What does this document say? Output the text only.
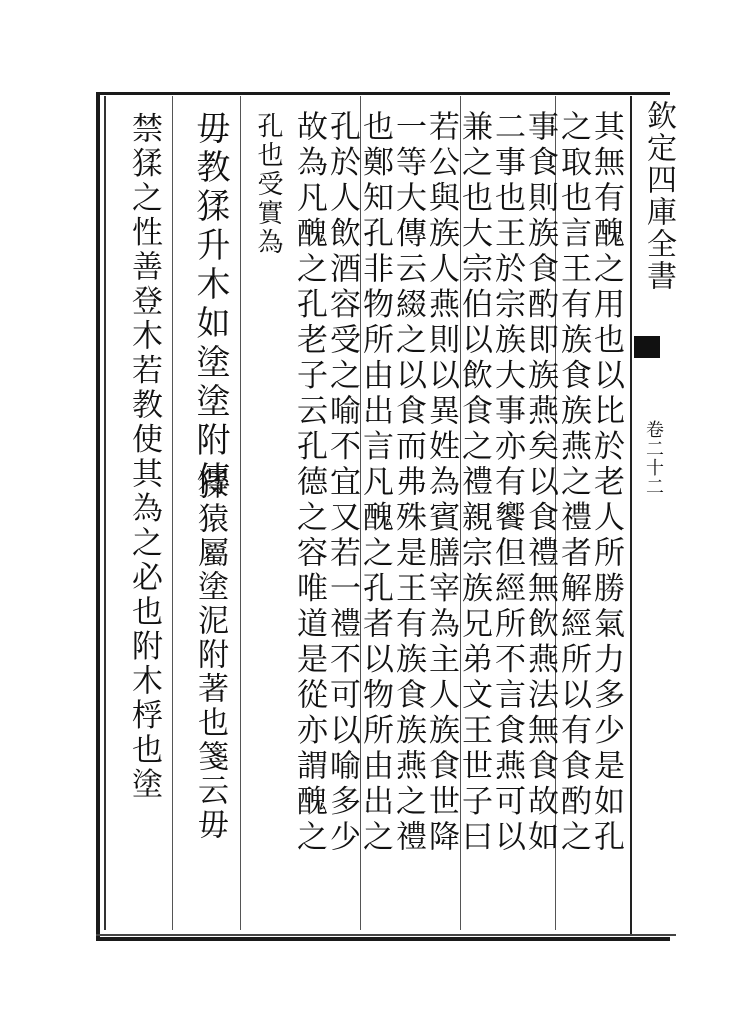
欽定四庫全書
卷二十二
其無有醜之用也以比於老人所勝氣力多少是如孔
之取也言王有族食族燕之禮者解經所以有食酌之
事食則族食酌即族燕矣以食禮無飲燕法無食故如
二事也王於宗族大事亦有饗但經所不言食燕可以
兼之也大宗伯以飲食之禮親宗族兄弟文王世子曰
若公與族人燕則以異姓為賓膳宰為主人族食世降
一等大傳云綴之以食而弗殊是王有族食族燕之禮
也鄭知孔非物所由出言凡醜之孔者以物所由出之
孔於人飲酒容受之喻不宜又若一禮不可以喻多少
故為凡醜之孔老子云孔德之容唯道是從亦謂醜之
孔也受實為
毋教猱升木如塗塗附傳
猱猿屬塗泥附著也箋云毋
禁猱之性善登木若教使其為之必也附木桴也塗
